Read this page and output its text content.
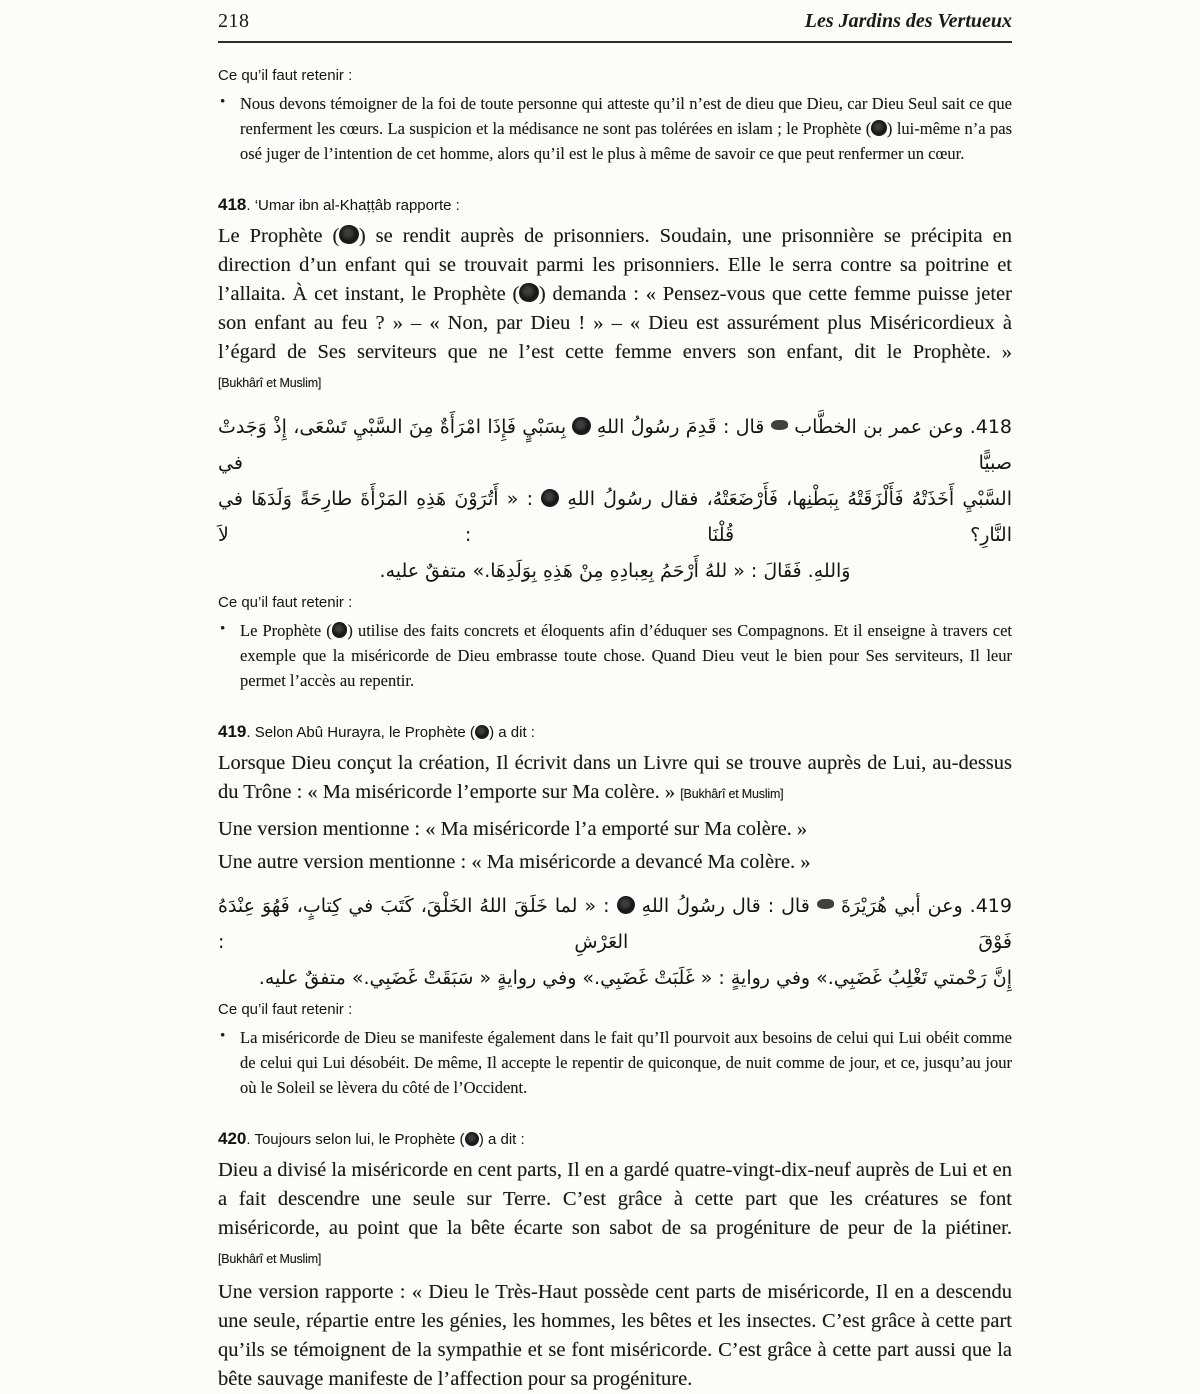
218	Les Jardins des Vertueux
Ce qu’il faut retenir :
• Nous devons témoigner de la foi de toute personne qui atteste qu’il n’est de dieu que Dieu, car Dieu Seul sait ce que renferment les cœurs. La suspicion et la médisance ne sont pas tolérées en islam ; le Prophète ( ) lui-même n’a pas osé juger de l’intention de cet homme, alors qu’il est le plus à même de savoir ce que peut renfermer un cœur.
418. ‘Umar ibn al-Khaṭṭâb rapporte :
Le Prophète ( ) se rendit auprès de prisonniers. Soudain, une prisonnière se précipita en direction d’un enfant qui se trouvait parmi les prisonniers. Elle le serra contre sa poitrine et l’allaita. À cet instant, le Prophète ( ) demanda : « Pensez-vous que cette femme puisse jeter son enfant au feu ? » – « Non, par Dieu ! » – « Dieu est assurément plus Miséricordieux à l’égard de Ses serviteurs que ne l’est cette femme envers son enfant, dit le Prophète. » [Bukhârî et Muslim]
418. وعن عمر بن الخطَّاب  قال : قَدِمَ رسُولُ اللهِ  بِسَبْيٍ فَإِذَا امْرَأَةٌ مِنَ السَّبْيِ تَسْعَى، إِذْ وَجَدتْ صبيًّا في
السَّبْيِ أَخَذَتْهُ فَأَلْزَقَتْهُ بِبَطْنِها، فَأَرْضَعَتْهُ، فقال رسُولُ اللهِ  : « أَتُرَوْنَ هَذِهِ المَرْأَةَ طارِحَةً وَلَدَهَا في النَّارِ؟ قُلْنَا : لاَ
وَاللهِ. فَقَالَ : « للهُ أَرْحَمُ بِعِبادِهِ مِنْ هَذِهِ بِوَلَدِهَا.» متفقٌ عليه.
Ce qu’il faut retenir :
• Le Prophète ( ) utilise des faits concrets et éloquents afin d’éduquer ses Compagnons. Et il enseigne à travers cet exemple que la miséricorde de Dieu embrasse toute chose. Quand Dieu veut le bien pour Ses serviteurs, Il leur permet l’accès au repentir.
419. Selon Abû Hurayra, le Prophète ( ) a dit :
Lorsque Dieu conçut la création, Il écrivit dans un Livre qui se trouve auprès de Lui, au-dessus du Trône : « Ma miséricorde l’emporte sur Ma colère. » [Bukhârî et Muslim]
Une version mentionne : « Ma miséricorde l’a emporté sur Ma colère. »
Une autre version mentionne : « Ma miséricorde a devancé Ma colère. »
419. وعن أبي هُرَيْرَةَ  قال : قال رسُولُ اللهِ  : « لما خَلَقَ اللهُ الخَلْقَ، كَتَبَ في كِتابٍ، فَهُوَ عِنْدَهُ فَوْقَ العَرْشِ :
إِنَّ رَحْمتي تَغْلِبُ غَضَبِي.» وفي روايةٍ : « غَلَبَتْ غَضَبِي.» وفي روايةٍ « سَبَقَتْ غَضَبِي.» متفقٌ عليه.
Ce qu’il faut retenir :
• La miséricorde de Dieu se manifeste également dans le fait qu’Il pourvoit aux besoins de celui qui Lui obéit comme de celui qui Lui désobéit. De même, Il accepte le repentir de quiconque, de nuit comme de jour, et ce, jusqu’au jour où le Soleil se lèvera du côté de l’Occident.
420. Toujours selon lui, le Prophète ( ) a dit :
Dieu a divisé la miséricorde en cent parts, Il en a gardé quatre-vingt-dix-neuf auprès de Lui et en a fait descendre une seule sur Terre. C’est grâce à cette part que les créatures se font miséricorde, au point que la bête écarte son sabot de sa progéniture de peur de la piétiner. [Bukhârî et Muslim]
Une version rapporte : « Dieu le Très-Haut possède cent parts de miséricorde, Il en a descendu une seule, répartie entre les génies, les hommes, les bêtes et les insectes. C’est grâce à cette part qu’ils se témoignent de la sympathie et se font miséricorde. C’est grâce à cette part aussi que la bête sauvage manifeste de l’affection pour sa progéniture.
